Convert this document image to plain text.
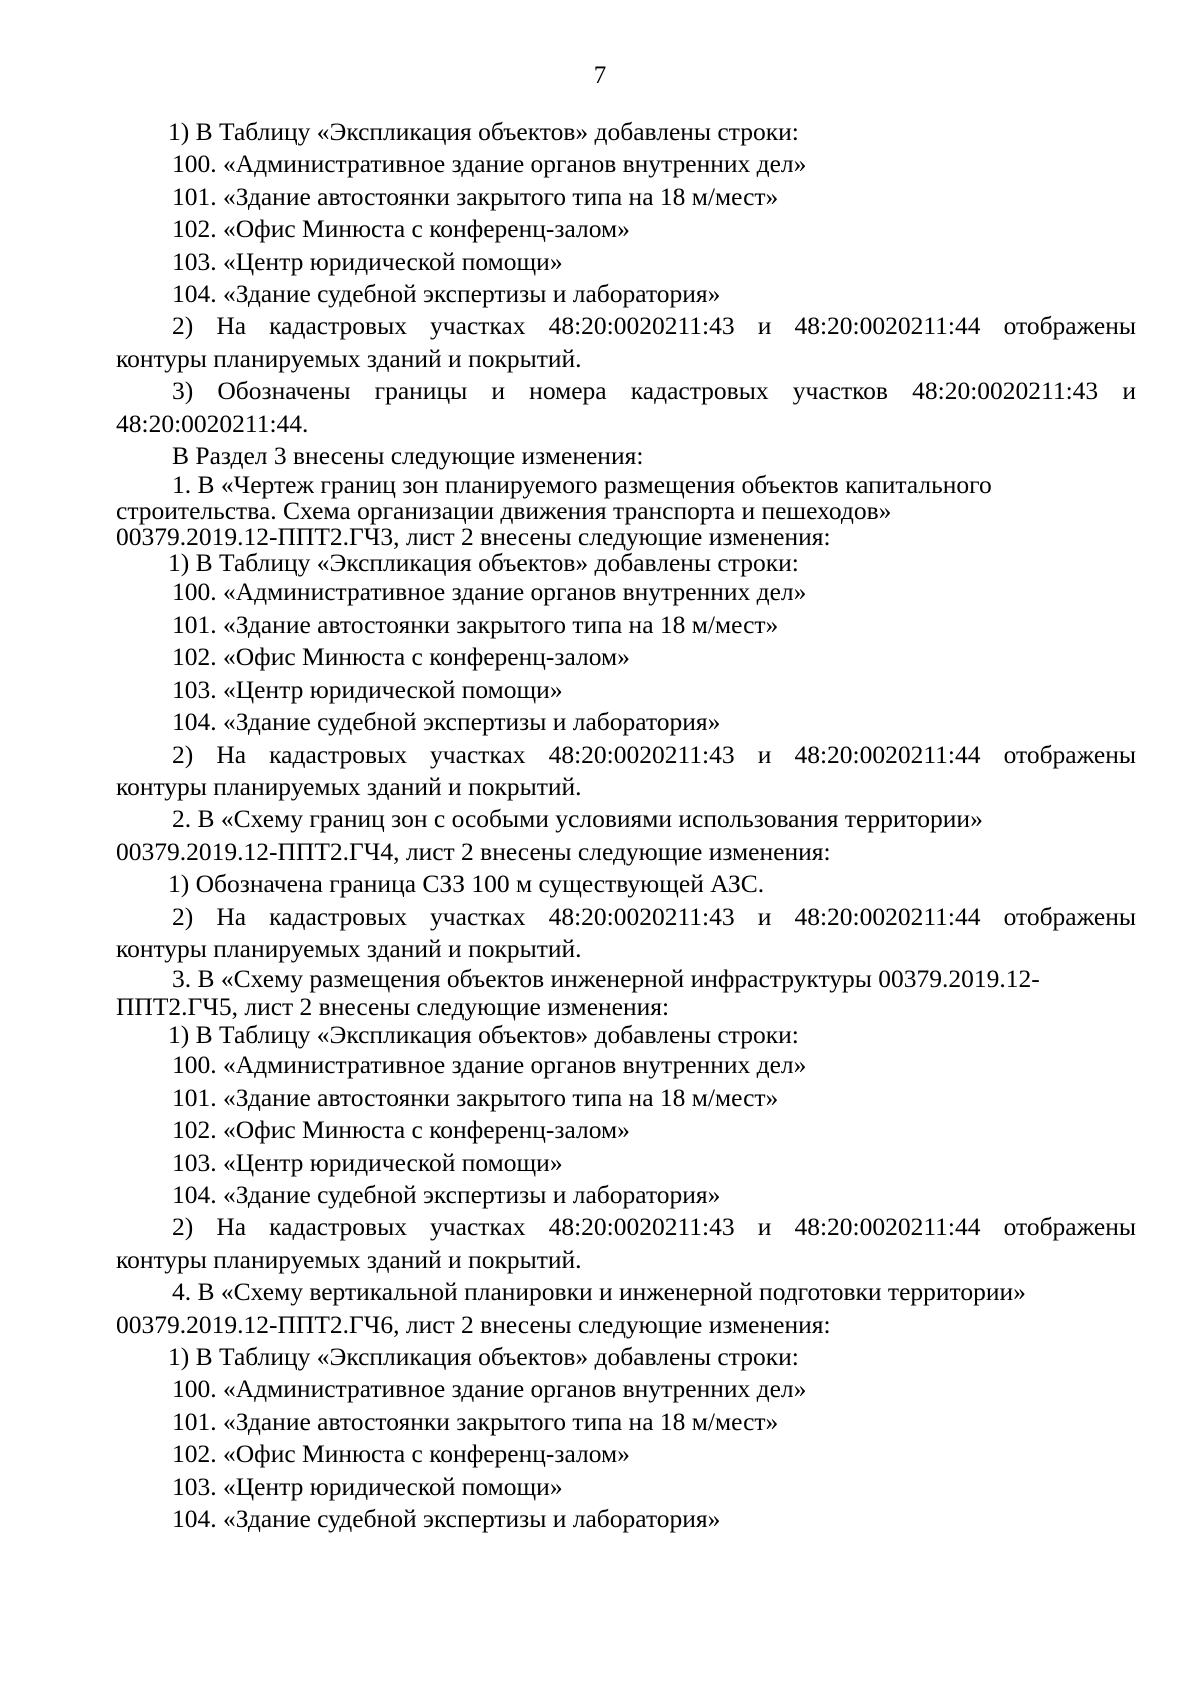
7

1) В Таблицу «Экспликация объектов» добавлены строки:

100. «Административное здание органов внутренних дел»

101. «Здание автостоянки закрытого типа на 18 м/мест»

102. «Офис Минюста с конференц-залом»

103. «Центр юридической помощи»

104. «Здание судебной экспертизы и лаборатория»

2) На кадастровых участках 48:20:0020211:43 и 48:20:0020211:44 отображены

контуры планируемых зданий и покрытий.

3) Обозначены границы и номера кадастровых участков 48:20:0020211:43 и

48:20:0020211:44.

В Раздел 3 внесены следующие изменения:

1. В «Чертеж границ зон планируемого размещения объектов капитального

строительства. Схема организации движения транспорта и пешеходов»

00379.2019.12-ППТ2.ГЧ3, лист 2 внесены следующие изменения:

1) В Таблицу «Экспликация объектов» добавлены строки:

100. «Административное здание органов внутренних дел»

101. «Здание автостоянки закрытого типа на 18 м/мест»

102. «Офис Минюста с конференц-залом»

103. «Центр юридической помощи»

104. «Здание судебной экспертизы и лаборатория»

2) На кадастровых участках 48:20:0020211:43 и 48:20:0020211:44 отображены

контуры планируемых зданий и покрытий.

2. В «Схему границ зон с особыми условиями использования территории»

00379.2019.12-ППТ2.ГЧ4, лист 2 внесены следующие изменения:

1) Обозначена граница СЗЗ 100 м существующей АЗС.

2) На кадастровых участках 48:20:0020211:43 и 48:20:0020211:44 отображены

контуры планируемых зданий и покрытий.

3. В «Схему размещения объектов инженерной инфраструктуры 00379.2019.12-

ППТ2.ГЧ5, лист 2 внесены следующие изменения:

1) В Таблицу «Экспликация объектов» добавлены строки:

100. «Административное здание органов внутренних дел»

101. «Здание автостоянки закрытого типа на 18 м/мест»

102. «Офис Минюста с конференц-залом»

103. «Центр юридической помощи»

104. «Здание судебной экспертизы и лаборатория»

2) На кадастровых участках 48:20:0020211:43 и 48:20:0020211:44 отображены

контуры планируемых зданий и покрытий.

4. В «Схему вертикальной планировки и инженерной подготовки территории»

00379.2019.12-ППТ2.ГЧ6, лист 2 внесены следующие изменения:

1) В Таблицу «Экспликация объектов» добавлены строки:

100. «Административное здание органов внутренних дел»

101. «Здание автостоянки закрытого типа на 18 м/мест»

102. «Офис Минюста с конференц-залом»

103. «Центр юридической помощи»

104. «Здание судебной экспертизы и лаборатория»
